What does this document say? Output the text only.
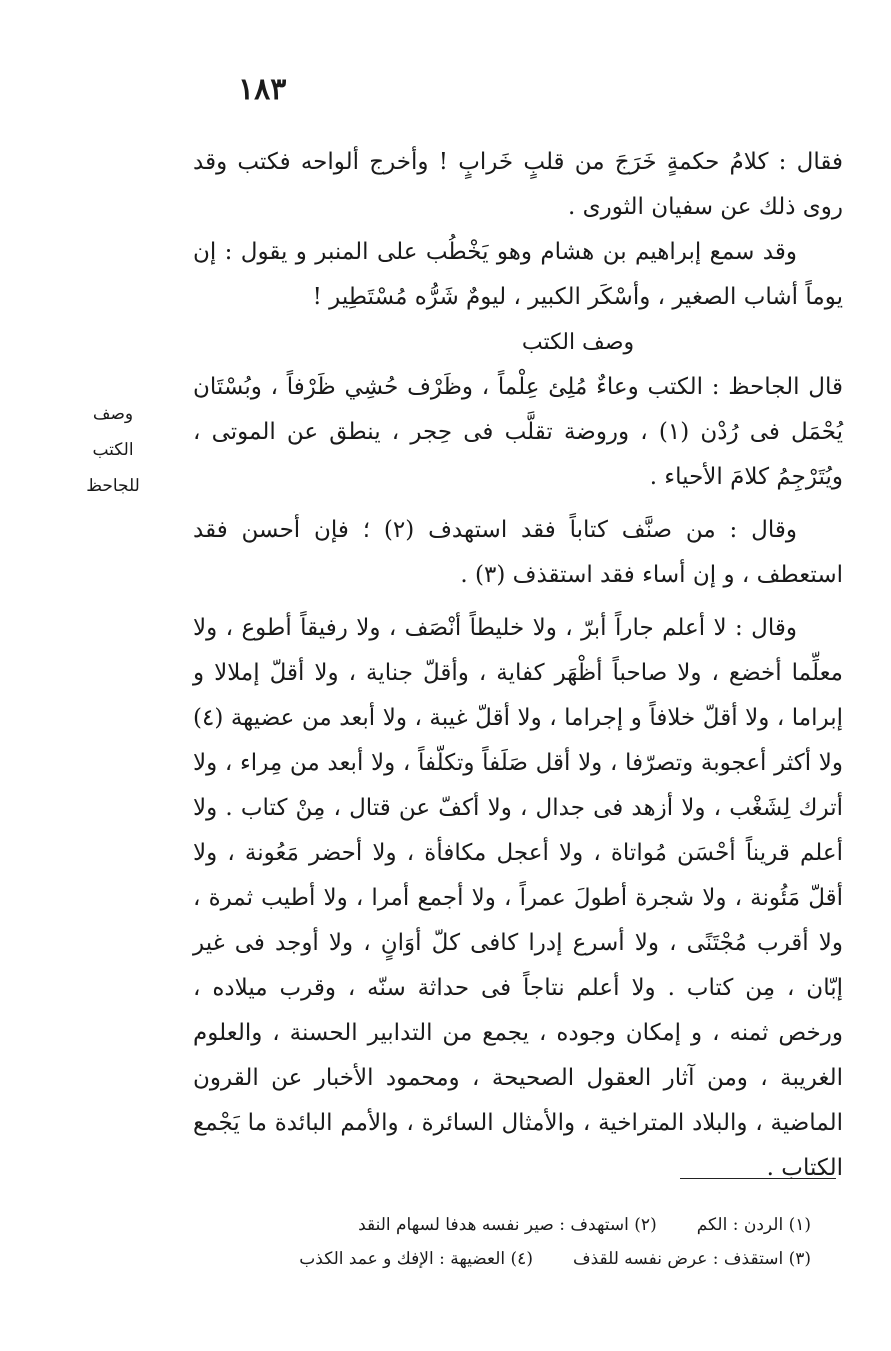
١٨٣
وصف الكتب للجاحظ

فقال : كلامُ حكمةٍ خَرَجَ من قلبٍ خَرابٍ ! وأخرج ألواحه فكتب وقد روى ذلك عن سفيان الثورى .

وقد سمع إبراهيم بن هشام وهو يَخْطُب على المنبر و يقول : إن يوماً أشاب الصغير ، وأسْكَر الكبير ، ليومٌ شَرُّه مُسْتَطِير !

وصف الكتب

قال الجاحظ : الكتب وعاءٌ مُلِئ عِلْماً ، وظَرْف حُشِي ظَرْفاً ، وبُسْتَان يُحْمَل فى رُدْن (١) ، وروضة تقلَّب فى حِجر ، ينطق عن الموتى ، ويُتَرْجِمُ كلامَ الأحياء .

وقال : من صنَّف كتاباً فقد استهدف (٢) ؛ فإن أحسن فقد استعطف ، و إن أساء فقد استقذف (٣) .

وقال : لا أعلم جاراً أبرّ ، ولا خليطاً أنْصَف ، ولا رفيقاً أطوع ، ولا معلِّما أخضع ، ولا صاحباً أظْهَر كفاية ، وأقلّ جناية ، ولا أقلّ إملالا و إبراما ، ولا أقلّ خلافاً و إجراما ، ولا أقلّ غيبة ، ولا أبعد من عضيهة (٤) ولا أكثر أعجوبة وتصرّفا ، ولا أقل صَلَفاً وتكلّفاً ، ولا أبعد من مِراء ، ولا أترك لِشَغْب ، ولا أزهد فى جدال ، ولا أكفّ عن قتال ، مِنْ كتاب . ولا أعلم قريناً أحْسَن مُواتاة ، ولا أعجل مكافأة ، ولا أحضر مَعُونة ، ولا أقلّ مَئُونة ، ولا شجرة أطولَ عمراً ، ولا أجمع أمرا ، ولا أطيب ثمرة ، ولا أقرب مُجْتَنًى ، ولا أسرع إدرا كافى كلّ أوَانٍ ، ولا أوجد فى غير إبّان ، مِن كتاب . ولا أعلم نتاجاً فى حداثة سنّه ، وقرب ميلاده ، ورخص ثمنه ، و إمكان وجوده ، يجمع من التدابير الحسنة ، والعلوم الغريبة ، ومن آثار العقول الصحيحة ، ومحمود الأخبار عن القرون الماضية ، والبلاد المتراخية ، والأمثال السائرة ، والأمم البائدة ما يَجْمع الكتاب .

(١) الردن : الكم(٢) استهدف : صير نفسه هدفا لسهام النقد

(٣) استقذف : عرض نفسه للقذف(٤) العضيهة : الإفك و عمد الكذب
